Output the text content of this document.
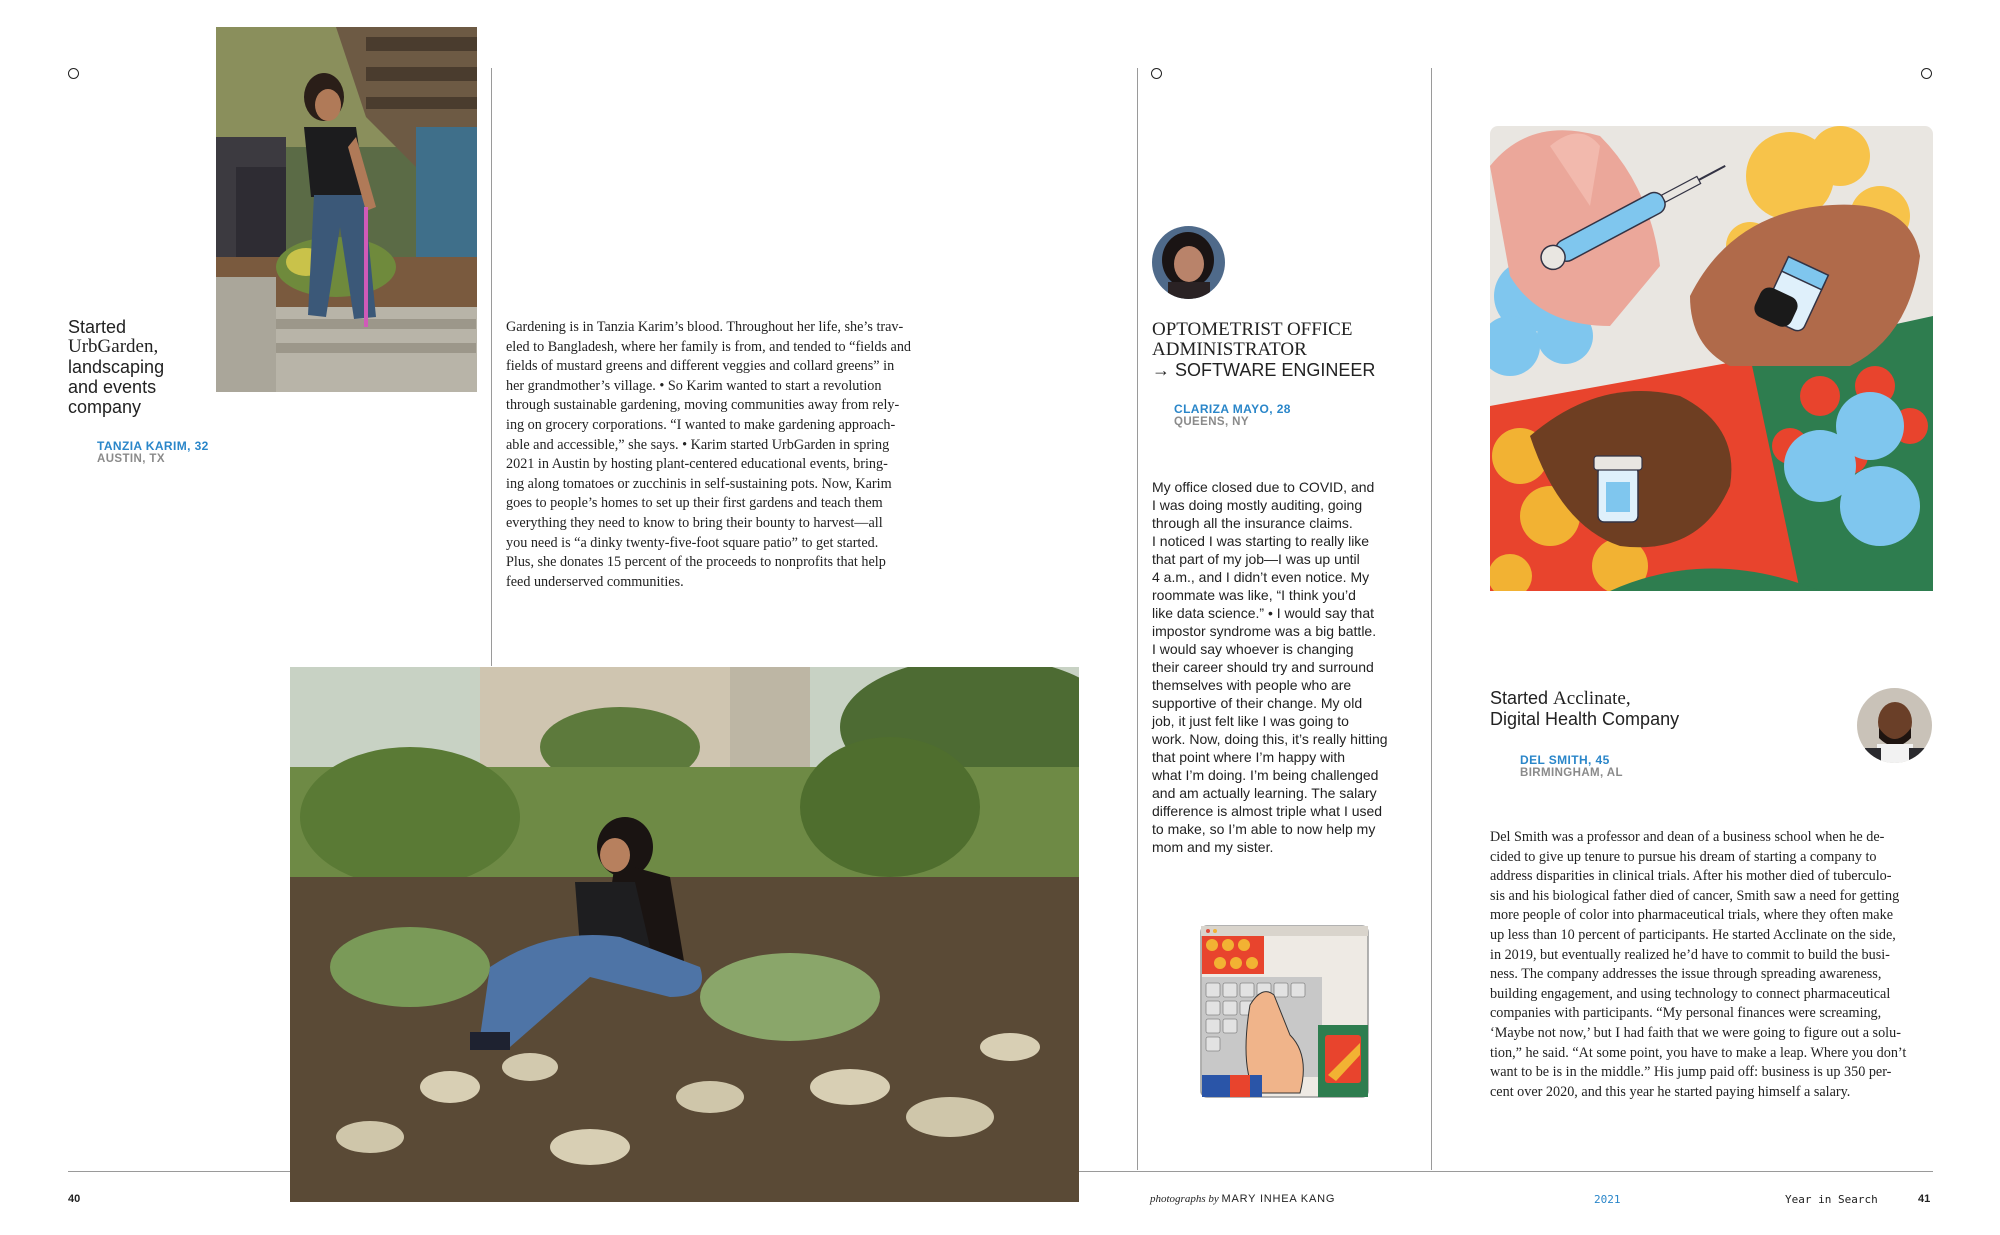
Started
UrbGarden,
landscaping
and events
company
TANZIA KARIM, 32
AUSTIN, TX
Gardening is in Tanzia Karim’s blood. Throughout her life, she’s trav-
eled to Bangladesh, where her family is from, and tended to “fields and
fields of mustard greens and different veggies and collard greens” in
her grandmother’s village. • So Karim wanted to start a revolution
through sustainable gardening, moving communities away from rely-
ing on grocery corporations. “I wanted to make gardening approach-
able and accessible,” she says. • Karim started UrbGarden in spring
2021 in Austin by hosting plant-centered educational events, bring-
ing along tomatoes or zucchinis in self-sustaining pots. Now, Karim
goes to people’s homes to set up their first gardens and teach them
everything they need to know to bring their bounty to harvest—all
you need is “a dinky twenty-five-foot square patio” to get started.
Plus, she donates 15 percent of the proceeds to nonprofits that help
feed underserved communities.
OPTOMETRIST OFFICE
ADMINISTRATOR
→ SOFTWARE ENGINEER
CLARIZA MAYO, 28
QUEENS, NY
My office closed due to COVID, and
I was doing mostly auditing, going
through all the insurance claims.
I noticed I was starting to really like
that part of my job—I was up until
4 a.m., and I didn’t even notice. My
roommate was like, “I think you’d
like data science.” • I would say that
impostor syndrome was a big battle.
I would say whoever is changing
their career should try and surround
themselves with people who are
supportive of their change. My old
job, it just felt like I was going to
work. Now, doing this, it’s really hitting
that point where I’m happy with
what I’m doing. I’m being challenged
and am actually learning. The salary
difference is almost triple what I used
to make, so I’m able to now help my
mom and my sister.
Started Acclinate,
Digital Health Company
DEL SMITH, 45
BIRMINGHAM, AL
Del Smith was a professor and dean of a business school when he de-
cided to give up tenure to pursue his dream of starting a company to
address disparities in clinical trials. After his mother died of tuberculo-
sis and his biological father died of cancer, Smith saw a need for getting
more people of color into pharmaceutical trials, where they often make
up less than 10 percent of participants. He started Acclinate on the side,
in 2019, but eventually realized he’d have to commit to build the busi-
ness. The company addresses the issue through spreading awareness,
building engagement, and using technology to connect pharmaceutical
companies with participants. “My personal finances were screaming,
‘Maybe not now,’ but I had faith that we were going to figure out a solu-
tion,” he said. “At some point, you have to make a leap. Where you don’t
want to be is in the middle.” His jump paid off: business is up 350 per-
cent over 2020, and this year he started paying himself a salary.
40	photographs by MARY INHEA KANG	2021	Year in Search	41
